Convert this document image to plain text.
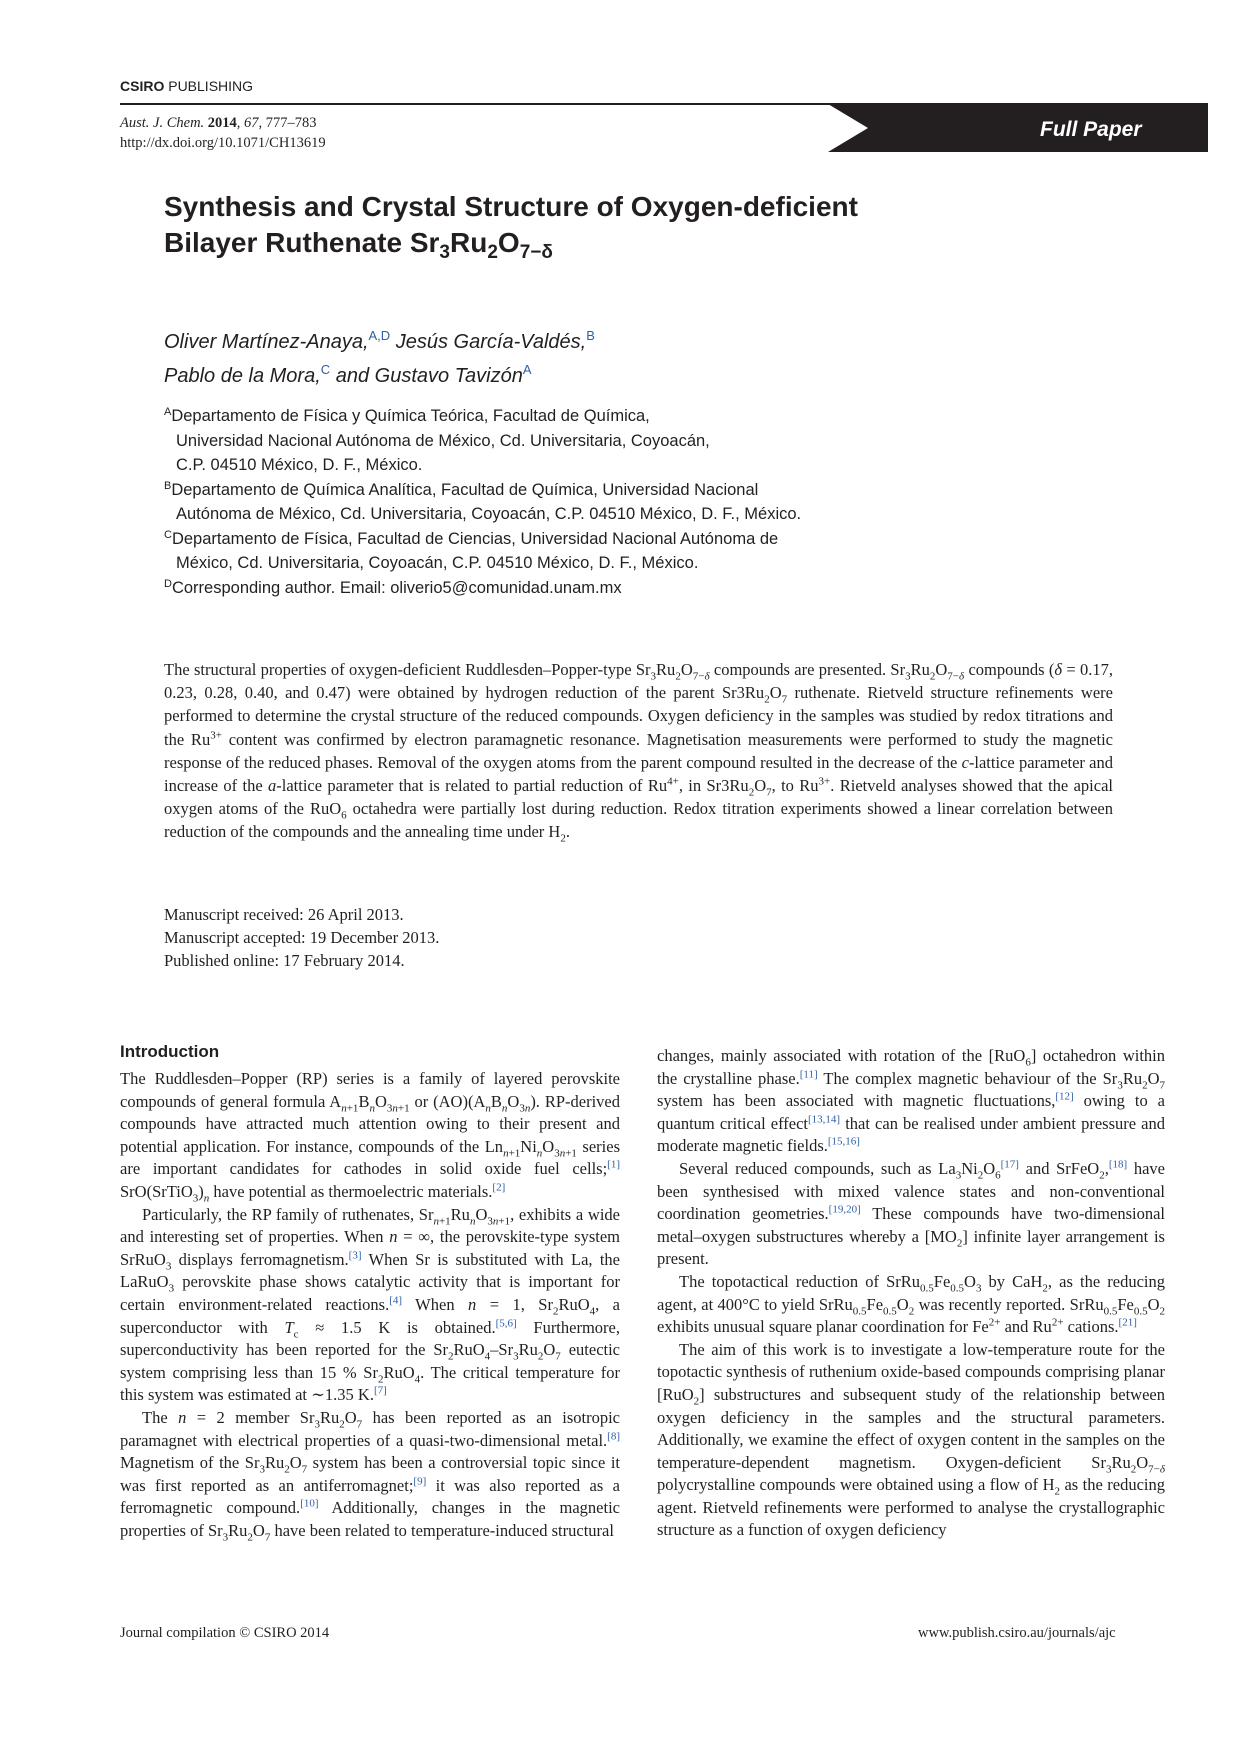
CSIRO PUBLISHING
Aust. J. Chem. 2014, 67, 777–783
http://dx.doi.org/10.1071/CH13619
Full Paper
Synthesis and Crystal Structure of Oxygen-deficient
Bilayer Ruthenate $Sr_3Ru_2O_{7-\delta}$
Oliver Martínez-Anaya,$^{A,D}$ Jesús García-Valdés,$^B$
Pablo de la Mora,$^C$ and Gustavo Tavizón$^A$
$^A$Departamento de Física y Química Teórica, Facultad de Química,
Universidad Nacional Autónoma de México, Cd. Universitaria, Coyoacán,
C.P. 04510 México, D. F., México.
$^B$Departamento de Química Analítica, Facultad de Química, Universidad Nacional
Autónoma de México, Cd. Universitaria, Coyoacán, C.P. 04510 México, D. F., México.
$^C$Departamento de Física, Facultad de Ciencias, Universidad Nacional Autónoma de
México, Cd. Universitaria, Coyoacán, C.P. 04510 México, D. F., México.
$^D$Corresponding author. Email: oliverio5@comunidad.unam.mx

The structural properties of oxygen-deficient Ruddlesden–Popper-type $Sr_3Ru_2O_{7-\delta}$ compounds are presented. $Sr_3Ru_2O_{7-\delta}$ compounds (δ = 0.17, 0.23, 0.28, 0.40, and 0.47) were obtained by hydrogen reduction of the parent $Sr3Ru_2O_7$ ruthenate. Rietveld structure refinements were performed to determine the crystal structure of the reduced compounds. Oxygen deficiency in the samples was studied by redox titrations and the $Ru^{3+}$ content was confirmed by electron paramagnetic resonance. Magnetisation measurements were performed to study the magnetic response of the reduced phases. Removal of the oxygen atoms from the parent compound resulted in the decrease of the c-lattice parameter and increase of the a-lattice parameter that is related to partial reduction of $Ru^{4+}$, in $Sr3Ru_2O_7$, to $Ru^{3+}$. Rietveld analyses showed that the apical oxygen atoms of the RuO$_6$ octahedra were partially lost during reduction. Redox titration experiments showed a linear correlation between reduction of the compounds and the annealing time under $H_2$.

Manuscript received: 26 April 2013.
Manuscript accepted: 19 December 2013.
Published online: 17 February 2014.
Introduction

The Ruddlesden–Popper (RP) series is a family of layered perovskite compounds of general formula $A_{n+1}B_nO_{3n+1}$ or $(AO)(A_nB_nO_{3n})$. RP-derived compounds have attracted much attention owing to their present and potential application. For instance, compounds of the $Ln_{n+1}Ni_nO_{3n+1}$ series are important candidates for cathodes in solid oxide fuel cells;[1] $SrO(SrTiO_3)_n$ have potential as thermoelectric materials.[2]

Particularly, the RP family of ruthenates, $Sr_{n+1}Ru_nO_{3n+1}$, exhibits a wide and interesting set of properties. When n = ∞, the perovskite-type system SrRuO$_3$ displays ferromagnetism.[3] When Sr is substituted with La, the LaRuO$_3$ perovskite phase shows catalytic activity that is important for certain environment-related reactions.[4] When n = 1, $Sr_2RuO_4$, a superconductor with $T_c \approx 1.5$ K is obtained.[5,6] Furthermore, superconductivity has been reported for the $Sr_2RuO_4-Sr_3Ru_2O_7$ eutectic system comprising less than 15 % $Sr_2RuO_4$. The critical temperature for this system was estimated at ∼1.35 K.[7]

The n = 2 member $Sr_3Ru_2O_7$ has been reported as an isotropic paramagnet with electrical properties of a quasi-two-dimensional metal.[8] Magnetism of the $Sr_3Ru_2O_7$ system has been a controversial topic since it was first reported as an antiferromagnet;[9] it was also reported as a ferromagnetic compound.[10] Additionally, changes in the magnetic properties of $Sr_3Ru_2O_7$ have been related to temperature-induced structural

changes, mainly associated with rotation of the [RuO$_6$] octahedron within the crystalline phase.[11] The complex magnetic behaviour of the $Sr_3Ru_2O_7$ system has been associated with magnetic fluctuations,[12] owing to a quantum critical effect[13,14] that can be realised under ambient pressure and moderate magnetic fields.[15,16]

Several reduced compounds, such as $La_3Ni_2O_6[17]$ and SrFeO$_2$,[18] have been synthesised with mixed valence states and non-conventional coordination geometries.[19,20] These compounds have two-dimensional metal–oxygen substructures whereby a $[MO_2]$ infinite layer arrangement is present.

The topotactical reduction of $SrRu_{0.5}Fe_{0.5}O_3$ by CaH$_2$, as the reducing agent, at 400°C to yield $SrRu_{0.5}Fe_{0.5}O_2$ was recently reported. $SrRu_{0.5}Fe_{0.5}O_2$ exhibits unusual square planar coordination for $Fe^{2+}$ and $Ru^{2+}$ cations.[21]

The aim of this work is to investigate a low-temperature route for the topotactic synthesis of ruthenium oxide-based compounds comprising planar [RuO$_2$] substructures and subsequent study of the relationship between oxygen deficiency in the samples and the structural parameters. Additionally, we examine the effect of oxygen content in the samples on the temperature-dependent magnetism. Oxygen-deficient $Sr_3Ru_2O_{7-\delta}$ polycrystalline compounds were obtained using a flow of $H_2$ as the reducing agent. Rietveld refinements were performed to analyse the crystallographic structure as a function of oxygen deficiency

Journal compilation © CSIRO 2014	www.publish.csiro.au/journals/ajc
